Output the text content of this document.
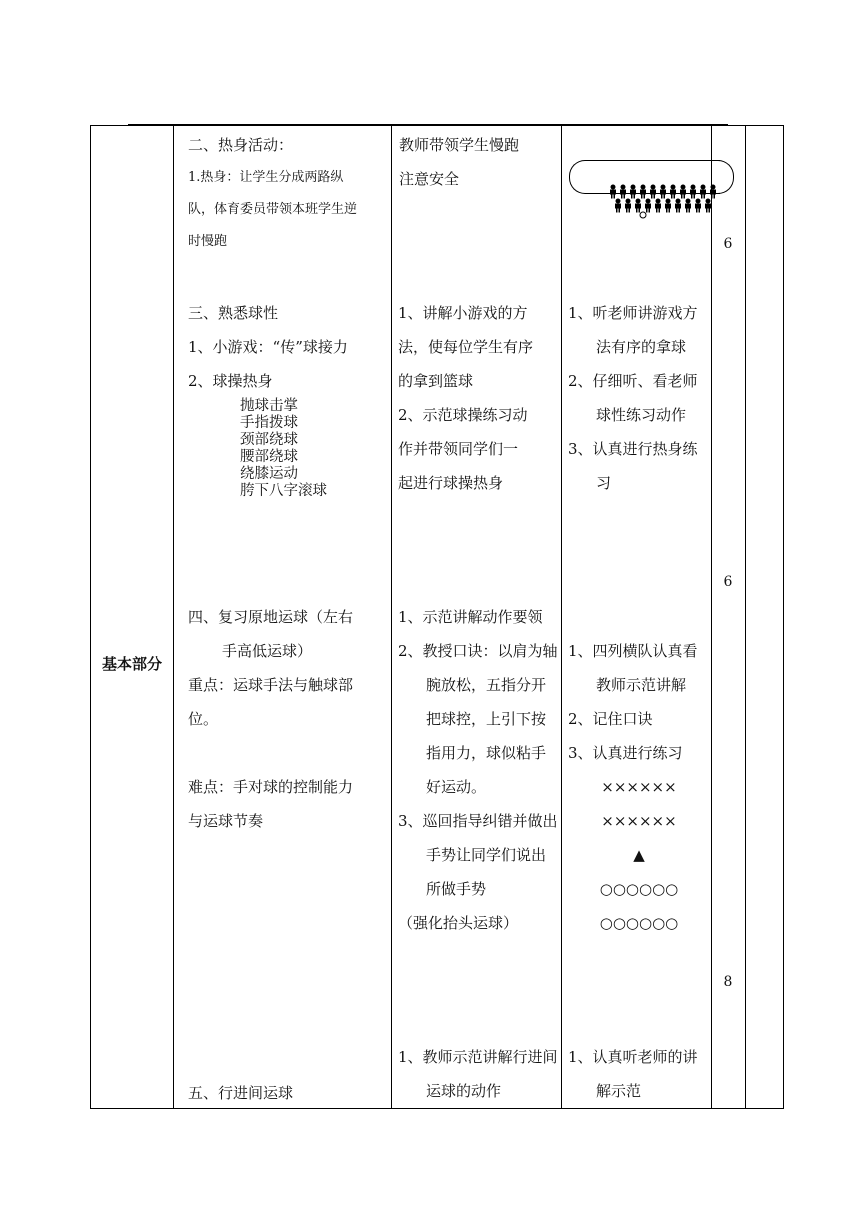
基本部分
二、热身活动：
1.热身：让学生分成两路纵
队，体育委员带领本班学生逆
时慢跑
教师带领学生慢跑
注意安全
6
三、熟悉球性
1、小游戏：“传”球接力
2、球操热身
抛球击掌
手指拨球
颈部绕球
腰部绕球
绕膝运动
胯下八字滚球
1、讲解小游戏的方
法，使每位学生有序
的拿到篮球
2、示范球操练习动
作并带领同学们一
起进行球操热身
1、听老师讲游戏方法有序的拿球
2、仔细听、看老师球性练习动作
3、认真进行热身练习
6
四、复习原地运球（左右
手高低运球）
重点：运球手法与触球部
位。
难点：手对球的控制能力
与运球节奏
1、示范讲解动作要领
2、教授口诀：以肩为轴腕放松，五指分开把球控，上引下按指用力，球似粘手好运动。
3、巡回指导纠错并做出手势让同学们说出所做手势
（强化抬头运球）
1、四列横队认真看教师示范讲解
2、记住口诀
3、认真进行练习
××××××
××××××
▲
○○○○○○
○○○○○○
8
五、行进间运球
1、教师示范讲解行进间运球的动作
1、认真听老师的讲解示范
